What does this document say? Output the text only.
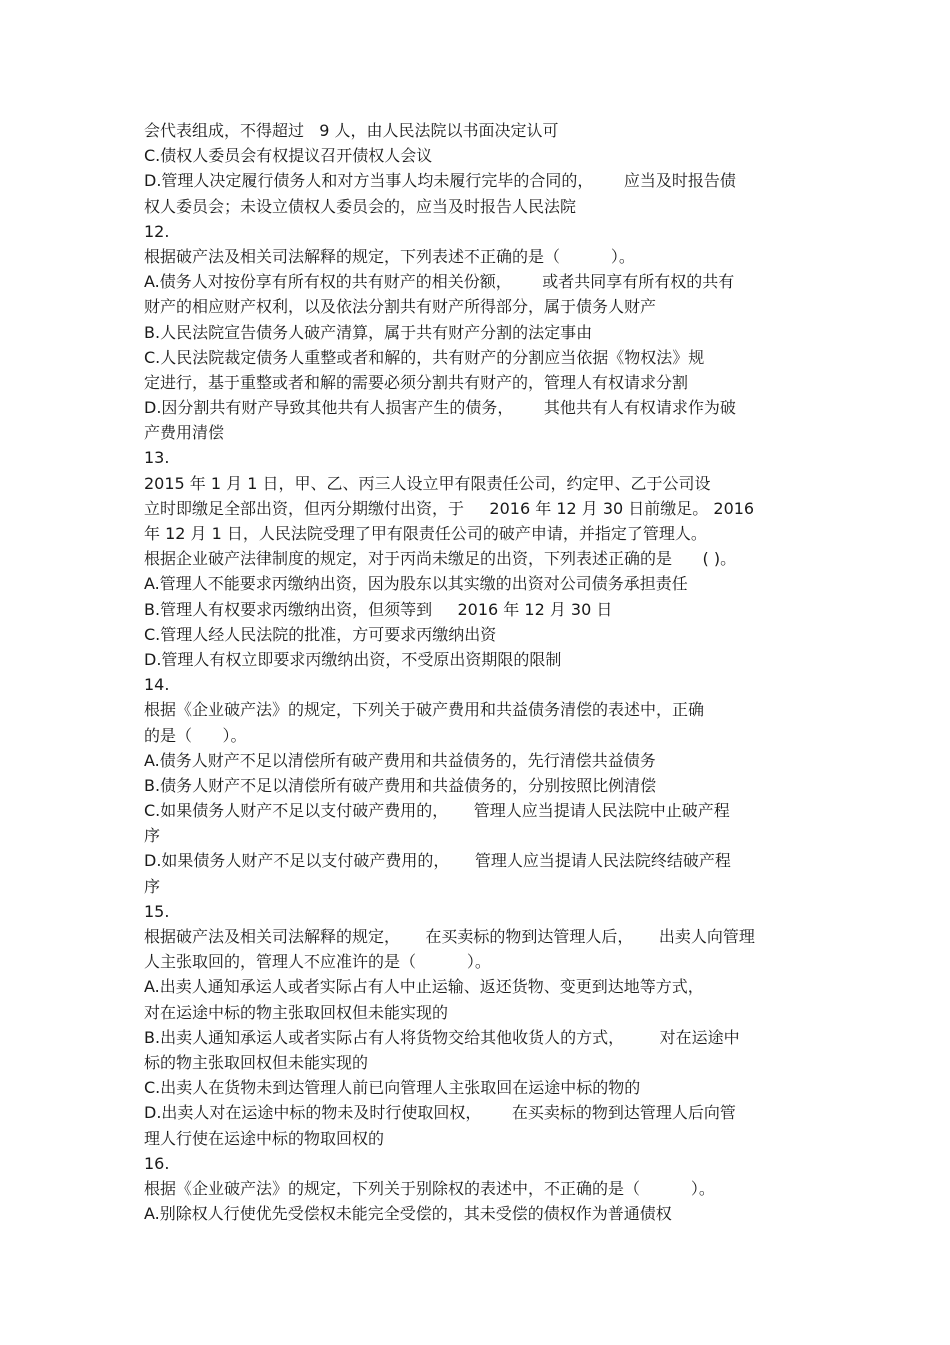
会代表组成，不得超过   9 人，由人民法院以书面决定认可
C.债权人委员会有权提议召开债权人会议
D.管理人决定履行债务人和对方当事人均未履行完毕的合同的，      应当及时报告债
权人委员会；未设立债权人委员会的，应当及时报告人民法院
12.
根据破产法及相关司法解释的规定，下列表述不正确的是（          ）。
A.债务人对按份享有所有权的共有财产的相关份额，      或者共同享有所有权的共有
财产的相应财产权利，以及依法分割共有财产所得部分，属于债务人财产
B.人民法院宣告债务人破产清算，属于共有财产分割的法定事由
C.人民法院裁定债务人重整或者和解的，共有财产的分割应当依据《物权法》规
定进行，基于重整或者和解的需要必须分割共有财产的，管理人有权请求分割
D.因分割共有财产导致其他共有人损害产生的债务，      其他共有人有权请求作为破
产费用清偿
13.
2015 年 1 月 1 日，甲、乙、丙三人设立甲有限责任公司，约定甲、乙于公司设
立时即缴足全部出资，但丙分期缴付出资，于     2016 年 12 月 30 日前缴足。 2016
年 12 月 1 日，人民法院受理了甲有限责任公司的破产申请，并指定了管理人。
根据企业破产法律制度的规定，对于丙尚未缴足的出资，下列表述正确的是      ( )。
A.管理人不能要求丙缴纳出资，因为股东以其实缴的出资对公司债务承担责任
B.管理人有权要求丙缴纳出资，但须等到     2016 年 12 月 30 日
C.管理人经人民法院的批准，方可要求丙缴纳出资
D.管理人有权立即要求丙缴纳出资，不受原出资期限的限制
14.
根据《企业破产法》的规定，下列关于破产费用和共益债务清偿的表述中，正确
的是（      ）。
A.债务人财产不足以清偿所有破产费用和共益债务的，先行清偿共益债务
B.债务人财产不足以清偿所有破产费用和共益债务的，分别按照比例清偿
C.如果债务人财产不足以支付破产费用的，     管理人应当提请人民法院中止破产程
序
D.如果债务人财产不足以支付破产费用的，     管理人应当提请人民法院终结破产程
序
15.
根据破产法及相关司法解释的规定，     在买卖标的物到达管理人后，     出卖人向管理
人主张取回的，管理人不应准许的是（          ）。
A.出卖人通知承运人或者实际占有人中止运输、返还货物、变更到达地等方式，
对在运途中标的物主张取回权但未能实现的
B.出卖人通知承运人或者实际占有人将货物交给其他收货人的方式，       对在运途中
标的物主张取回权但未能实现的
C.出卖人在货物未到达管理人前已向管理人主张取回在运途中标的物的
D.出卖人对在运途中标的物未及时行使取回权，      在买卖标的物到达管理人后向管
理人行使在运途中标的物取回权的
16.
根据《企业破产法》的规定，下列关于别除权的表述中，不正确的是（          ）。
A.别除权人行使优先受偿权未能完全受偿的，其未受偿的债权作为普通债权
